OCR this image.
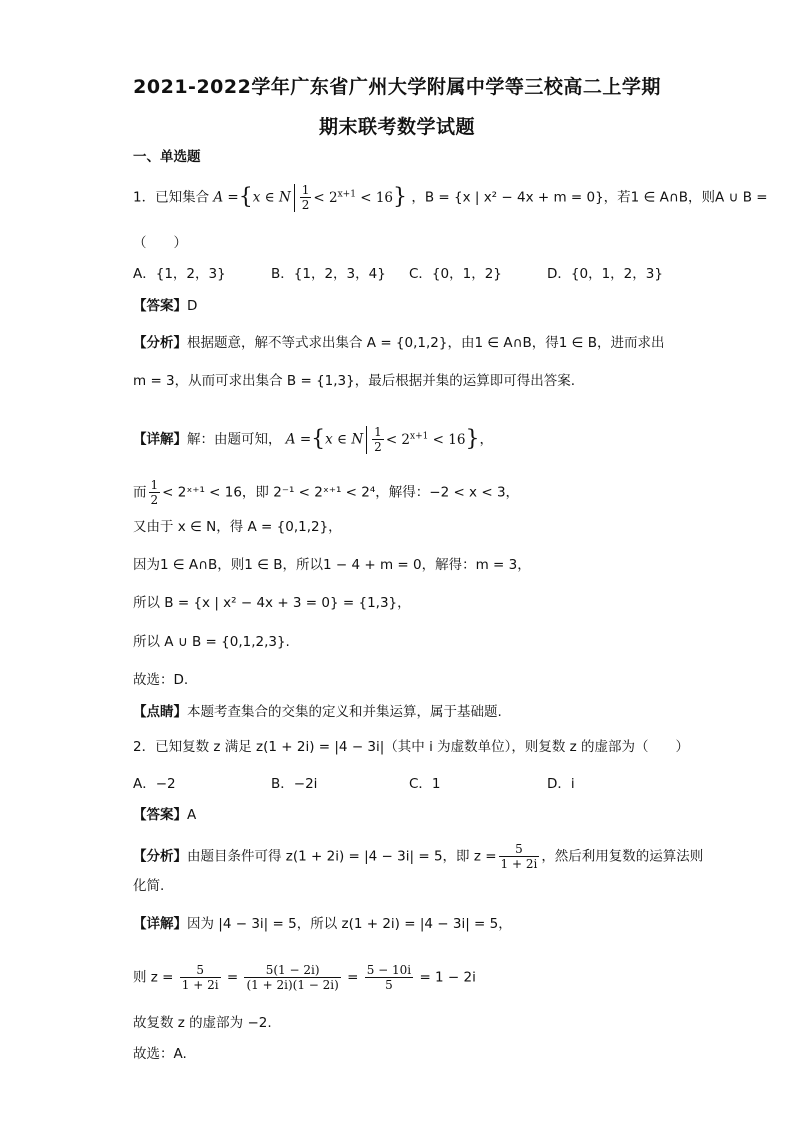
2021-2022学年广东省广州大学附属中学等三校高二上学期
期末联考数学试题
一、单选题
1．已知集合 A ={x ∈ N $\frac{1}{2} < 2^{x+1} < 16$} ，B = {x | x² − 4x + m = 0}，若1 ∈ A∩B，则A ∪ B =
（　　）
A．{1，2，3}	B．{1，2，3，4} C．{0，1，2}	D．{0，1，2，3}
【答案】D
【分析】根据题意，解不等式求出集合 A = {0,1,2}，由1 ∈ A∩B，得1 ∈ B，进而求出
m = 3，从而可求出集合 B = {1,3}，最后根据并集的运算即可得出答案.
【详解】解：由题可知， A ={x ∈ N $\frac{1}{2} < 2^{x+1} < 16$}，
而 $\frac{1}{2}$ < 2ˣ⁺¹ < 16，即 2⁻¹ < 2ˣ⁺¹ < 2⁴，解得：−2 < x < 3，
又由于 x ∈ N，得 A = {0,1,2}，
因为1 ∈ A∩B，则1 ∈ B，所以1 − 4 + m = 0，解得：m = 3，
所以 B = {x | x² − 4x + 3 = 0} = {1,3}，
所以 A ∪ B = {0,1,2,3}.
故选：D.
【点睛】本题考查集合的交集的定义和并集运算，属于基础题.
2．已知复数 z 满足 z(1 + 2i) = |4 − 3i|（其中 i 为虚数单位），则复数 z 的虚部为（　　）
A．−2	B．−2i	C．1	D．i
【答案】A
【分析】由题目条件可得 z(1 + 2i) = |4 − 3i| = 5，即 $z = \frac{5}{1 + 2i}$ ，然后利用复数的运算法则
化简.
【详解】因为 |4 − 3i| = 5，所以 z(1 + 2i) = |4 − 3i| = 5，
则 $z = \frac{5}{1 + 2i} = \frac{5(1 - 2i)}{(1 + 2i)(1 - 2i)} = \frac{5 - 10i}{5} = 1 - 2i$
故复数 z 的虚部为 −2.
故选：A.
